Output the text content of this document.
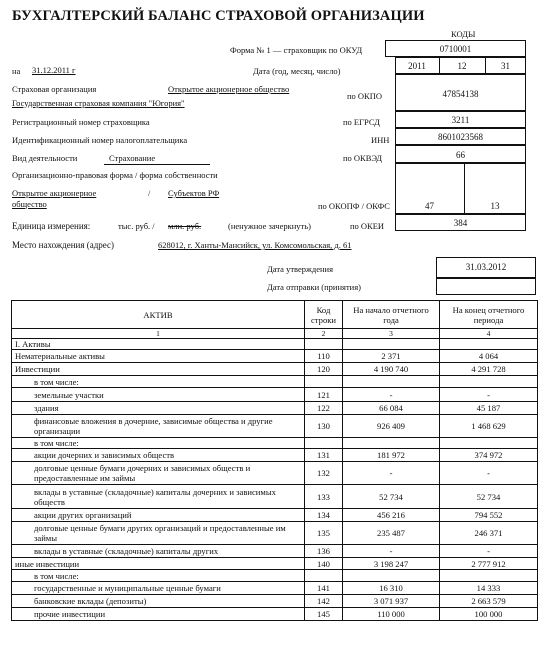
БУХГАЛТЕРСКИЙ БАЛАНС СТРАХОВОЙ ОРГАНИЗАЦИИ
КОДЫ
Форма № 1 — страховщик по ОКУД	0710001
на 31.12.2011 г	Дата (год, месяц, число)	2011	12	31
Страховая организация	Открытое акционерное общество
Государственная страховая компания "Югория"
по ОКПО	47854138
Регистрационный номер страховщика	по ЕГРСД	3211
Идентификационный номер налогоплательщика	ИНН	8601023568
Вид деятельности	Страхование	по ОКВЭД	66
Организационно-правовая форма / форма собственности
Открытое акционерное
общество
/ Субъектов РФ
по ОКОПФ / ОКФС	47	13
Единица измерения:	тыс. руб. / млн. руб.	(ненужное зачеркнуть)	по ОКЕИ	384
Место нахождения (адрес)	628012, г. Ханты-Мансийск, ул. Комсомольская, д. 61
Дата утверждения	31.03.2012
Дата отправки (принятия)
АКТИВ	Код строки	На начало отчетного года	На конец отчетного периода
1	2	3	4
I. Активы			
Нематериальные активы	110	2 371	4 064
Инвестиции	120	4 190 740	4 291 728
в том числе:			
земельные участки	121	-	-
здания	122	66 084	45 187
финансовые вложения в дочерние, зависимые общества и другие организации	130	926 409	1 468 629
в том числе:			
акции дочерних и зависимых обществ	131	181 972	374 972
долговые ценные бумаги дочерних и зависимых обществ и предоставленные им займы	132	-	-
вклады в уставные (складочные) капиталы дочерних и зависимых обществ	133	52 734	52 734
акции других организаций	134	456 216	794 552
долговые ценные бумаги других организаций и предоставленные им займы	135	235 487	246 371
вклады в уставные (складочные) капиталы других	136	-	-
иные инвестиции	140	3 198 247	2 777 912
в том числе:			
государственные и муниципальные ценные бумаги	141	16 310	14 333
банковские вклады (депозиты)	142	3 071 937	2 663 579
прочие инвестиции	145	110 000	100 000
